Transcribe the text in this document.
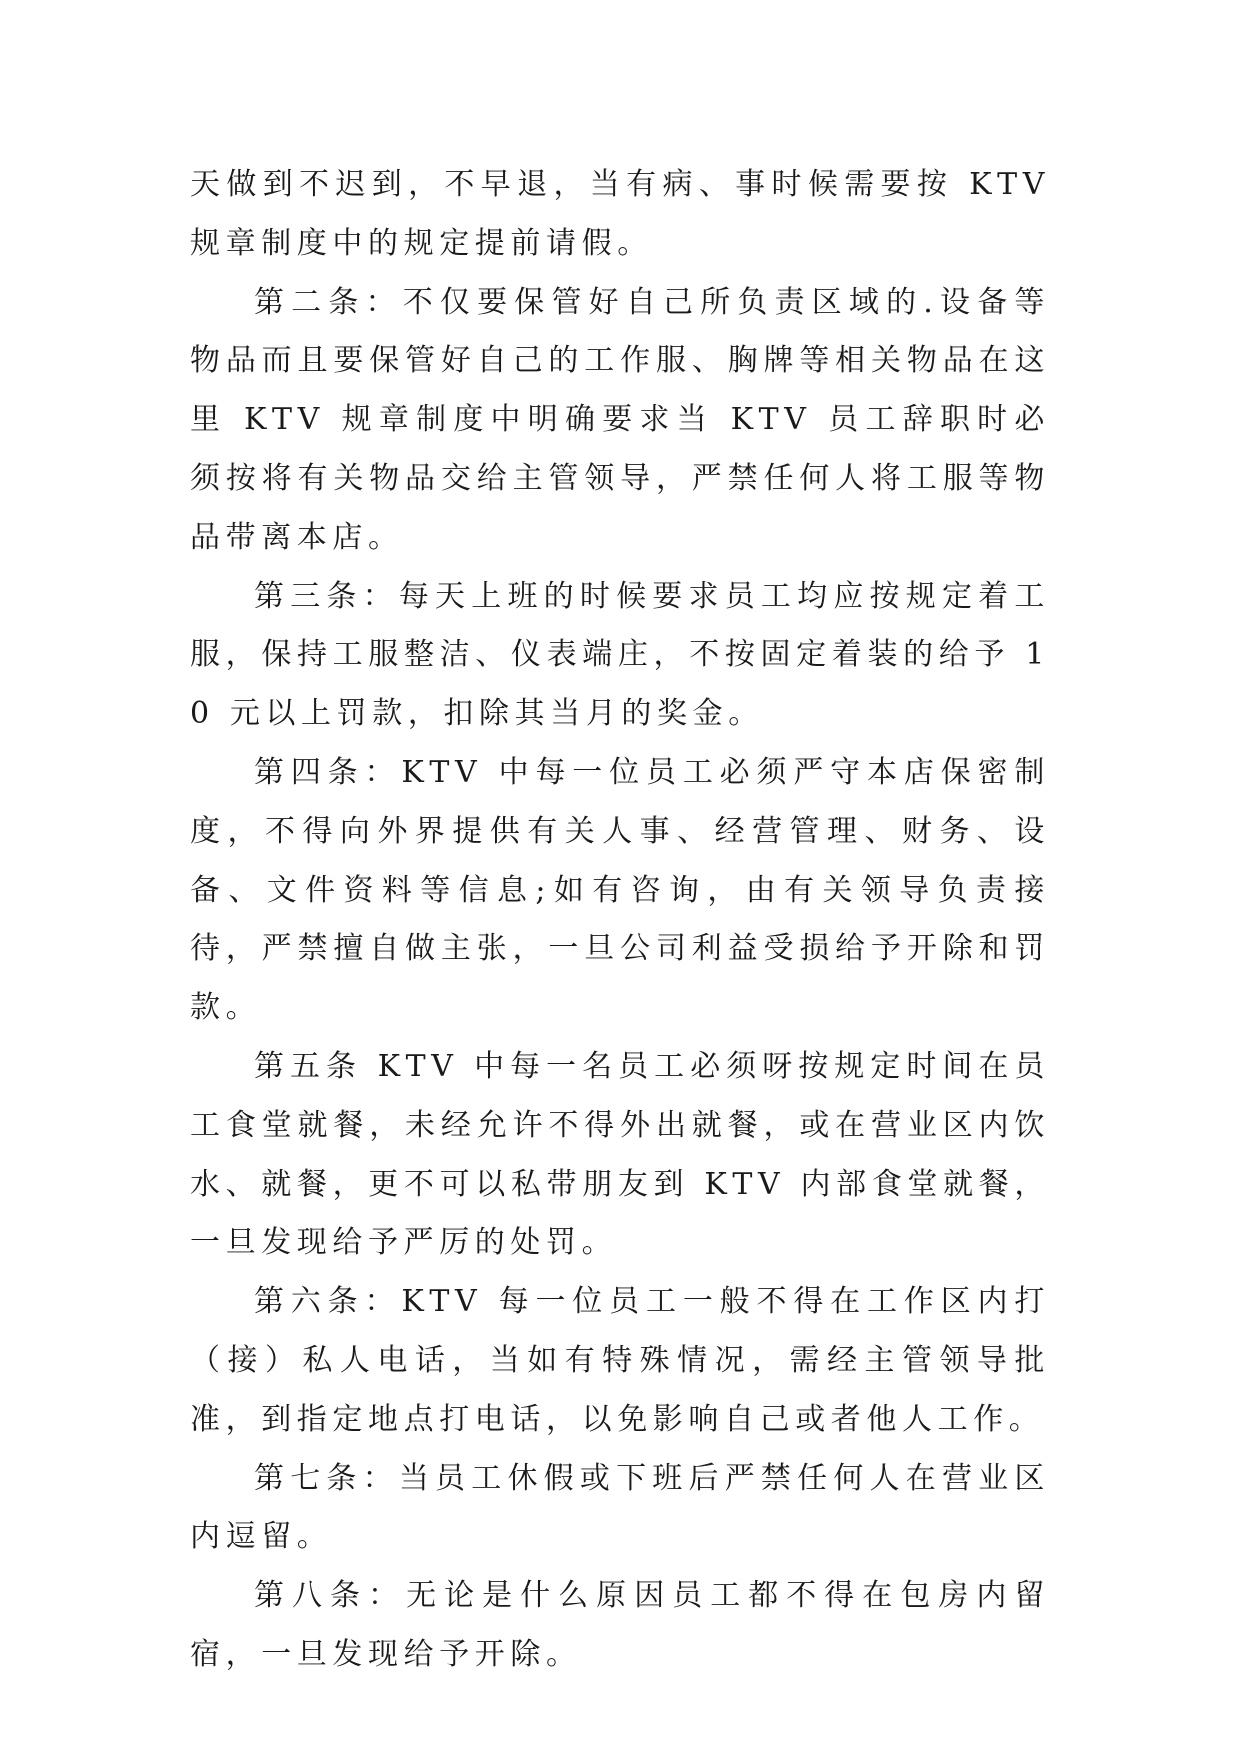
天做到不迟到，不早退，当有病、事时候需要按 KTV 规章制度中的规定提前请假。

第二条：不仅要保管好自己所负责区域的.设备等物品而且要保管好自己的工作服、胸牌等相关物品在这里 KTV 规章制度中明确要求当 KTV 员工辞职时必须按将有关物品交给主管领导，严禁任何人将工服等物品带离本店。

第三条：每天上班的时候要求员工均应按规定着工服，保持工服整洁、仪表端庄，不按固定着装的给予 10 元以上罚款，扣除其当月的奖金。

第四条：KTV 中每一位员工必须严守本店保密制度，不得向外界提供有关人事、经营管理、财务、设备、文件资料等信息;如有咨询，由有关领导负责接待，严禁擅自做主张，一旦公司利益受损给予开除和罚款。

第五条 KTV 中每一名员工必须呀按规定时间在员工食堂就餐，未经允许不得外出就餐，或在营业区内饮水、就餐，更不可以私带朋友到 KTV 内部食堂就餐，一旦发现给予严厉的处罚。

第六条：KTV 每一位员工一般不得在工作区内打（接）私人电话，当如有特殊情况，需经主管领导批准，到指定地点打电话，以免影响自己或者他人工作。

第七条：当员工休假或下班后严禁任何人在营业区内逗留。

第八条：无论是什么原因员工都不得在包房内留宿，一旦发现给予开除。
